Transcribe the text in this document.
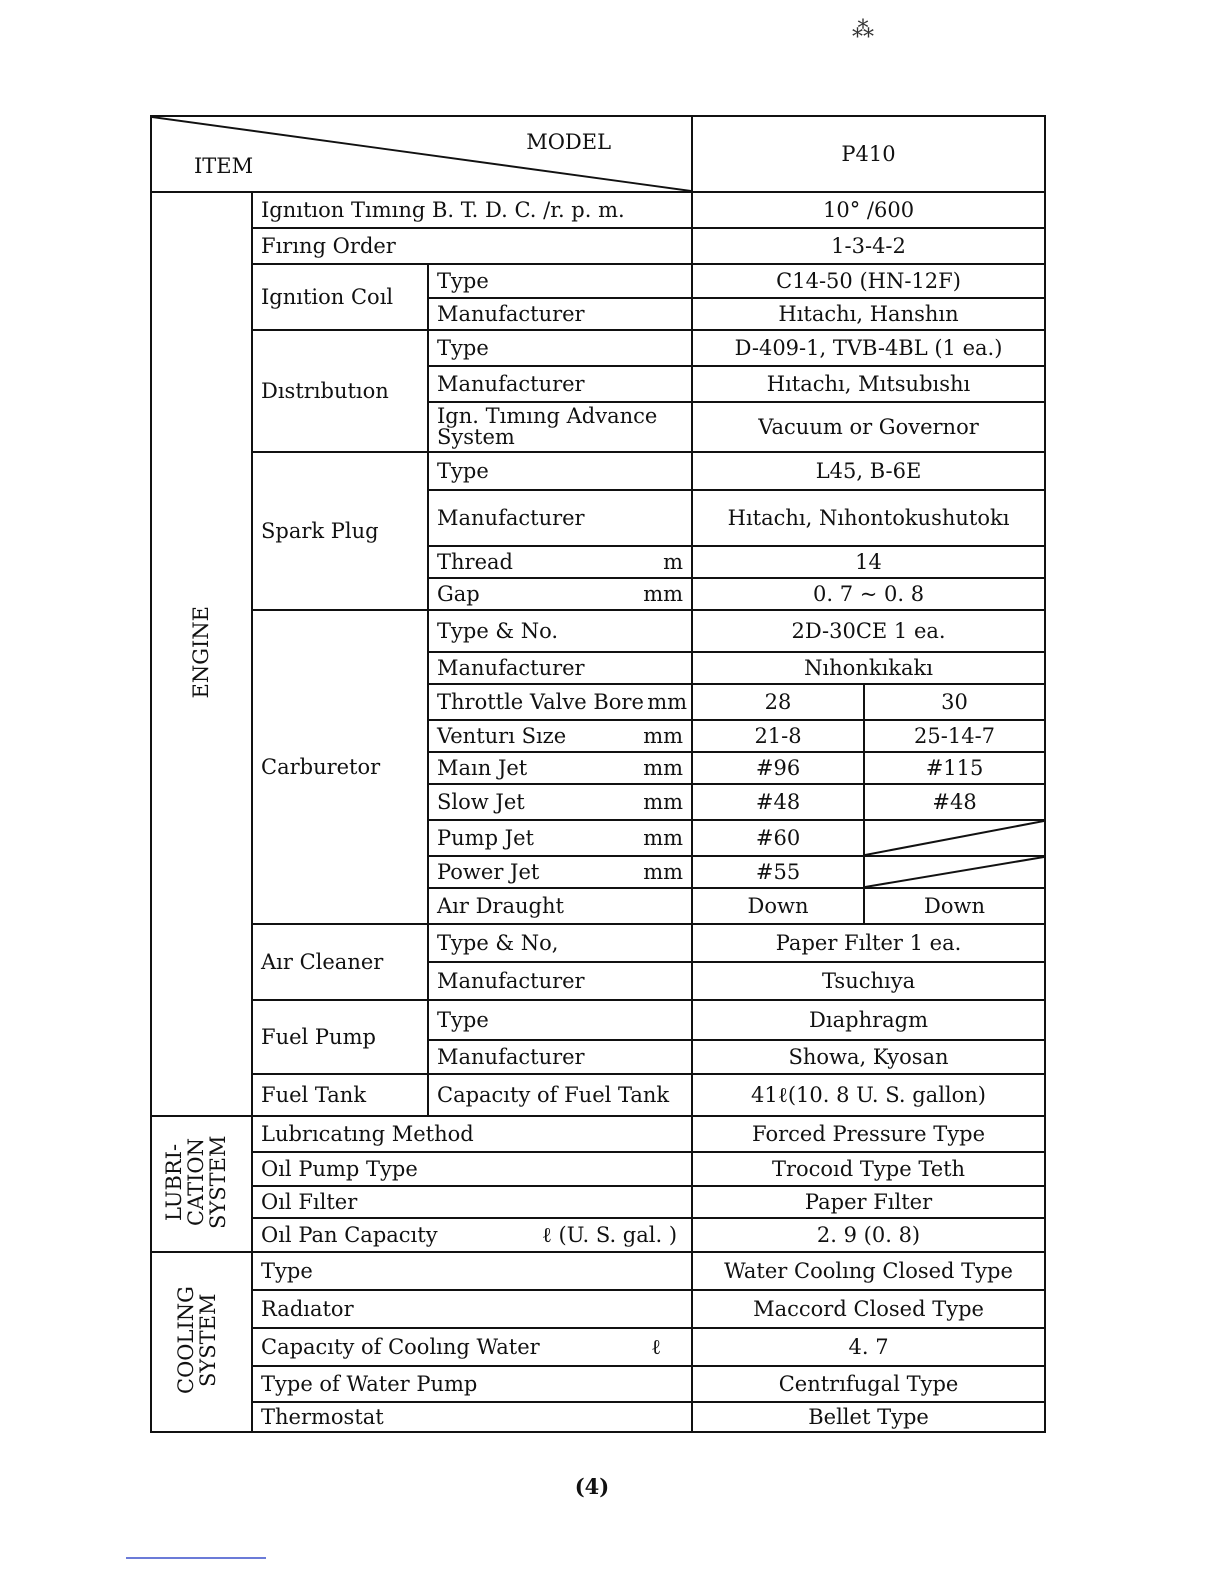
⁂
MODEL
ITEM			P410	
ENGINE	Ignıtıon Tımıng B. T. D. C. /r. p. m.		10° /600	
	Fırıng Order		1-3-4-2	
	Ignıtion Coıl	Type	C14-50 (HN-12F)	
		Manufacturer	Hıtachı, Hanshın	
	Dıstrıbutıon	Type	D-409-1, TVB-4BL (1 ea.)	
		Manufacturer	Hıtachı, Mıtsubıshı	
		Ign. Tımıng Advance System	Vacuum or Governor	
	Spark Plug	Type	L45, B-6E	
		Manufacturer	Hıtachı, Nıhontokushutokı	

		Thread m	14	

		Gap mm	0. 7 ~ 0. 8	
	Carburetor	Type & No.	2D-30CE 1 ea.	
		Manufacturer	Nıhonkıkakı	

		Throttle Valve Bore mm	28	30

		Venturı Sıze mm	21-8	25-14-7

		Maın Jet mm	#96	#115

		Slow Jet mm	#48	#48

		Pump Jet mm	#60	

		Power Jet mm	#55	

		Aır Draught	Down	Down

	Aır Cleaner	Type & No,	Paper Fılter 1 ea.	
		Manufacturer	Tsuchıya	
	Fuel Pump	Type	Dıaphragm	
		Manufacturer	Showa, Kyosan	
	Fuel Tank	Capacıty of Fuel Tank	41ℓ(10. 8 U. S. gallon)	
LUBRI- CATION SYSTEM	Lubrıcatıng Method		Forced Pressure Type	
	Oıl Pump Type		Trocoıd Type Teth	
	Oıl Fılter		Paper Fılter	

	Oıl Pan Capacıty ℓ (U. S. gal. )		2. 9 (0. 8)	
COOLING SYSTEM	Type		Water Coolıng Closed Type	
	Radıator		Maccord Closed Type	

	Capacıty of Coolıng Water ℓ		4. 7	
	Type of Water Pump		Centrıfugal Type	
	Thermostat		Bellet Type	
(4)
